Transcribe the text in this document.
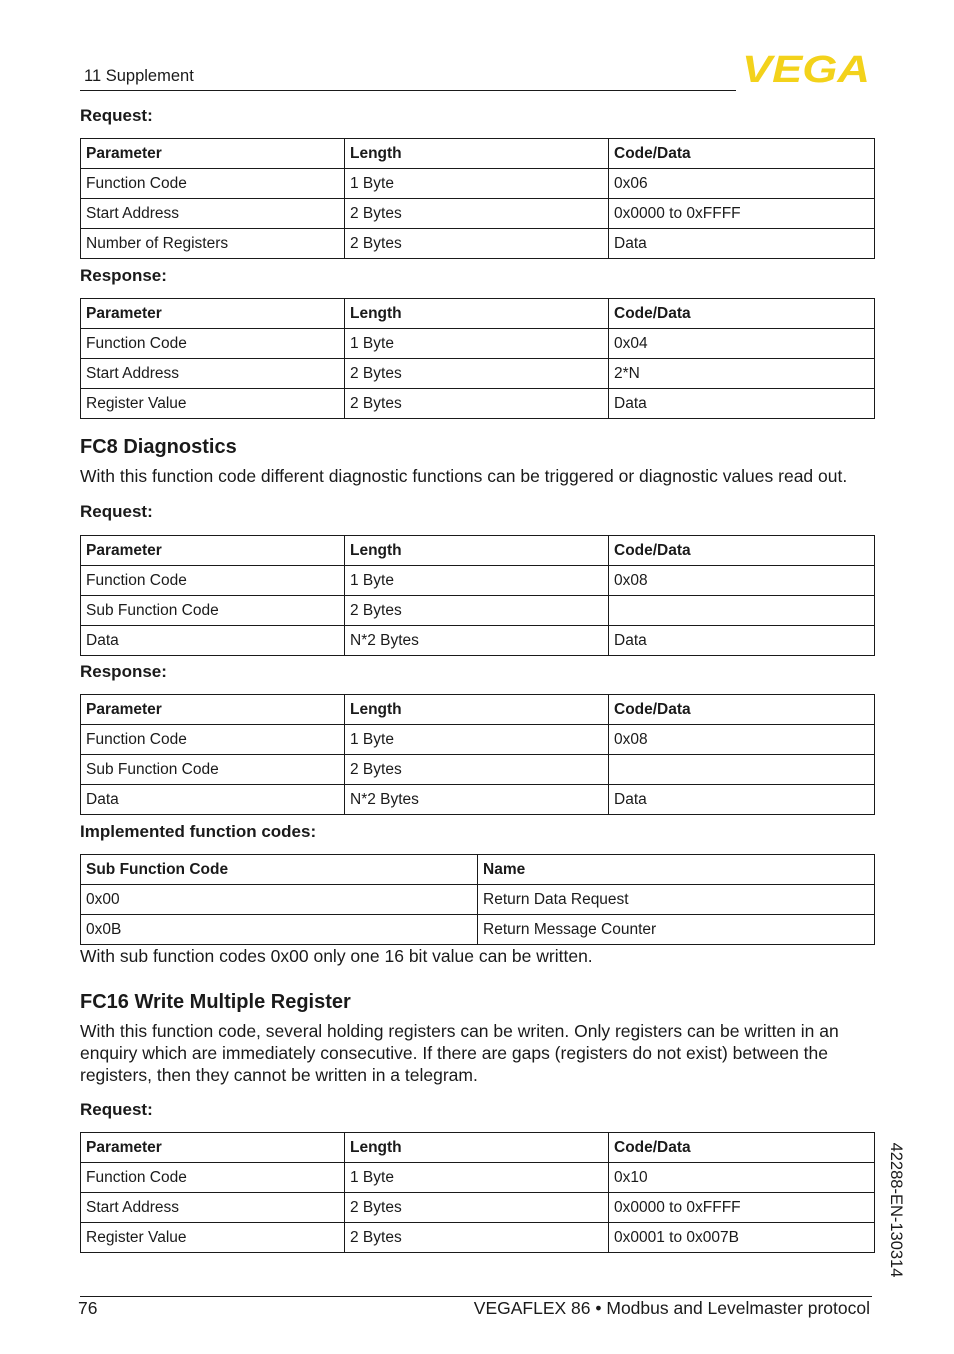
11 Supplement	VEGA
Request:
Parameter	Length	Code/Data
Function Code	1 Byte	0x06
Start Address	2 Bytes	0x0000 to 0xFFFF
Number of Registers	2 Bytes	Data
Response:
Parameter	Length	Code/Data
Function Code	1 Byte	0x04
Start Address	2 Bytes	2*N
Register Value	2 Bytes	Data
FC8 Diagnostics
With this function code different diagnostic functions can be triggered or diagnostic values read out.
Request:
Parameter	Length	Code/Data
Function Code	1 Byte	0x08
Sub Function Code	2 Bytes	
Data	N*2 Bytes	Data
Response:
Parameter	Length	Code/Data
Function Code	1 Byte	0x08
Sub Function Code	2 Bytes	
Data	N*2 Bytes	Data
Implemented function codes:
Sub Function Code	Name
0x00	Return Data Request
0x0B	Return Message Counter
With sub function codes 0x00 only one 16 bit value can be written.
FC16 Write Multiple Register
With this function code, several holding registers can be writen. Only registers can be written in an
enquiry which are immediately consecutive. If there are gaps (registers do not exist) between the
registers, then they cannot be written in a telegram.
Request:
Parameter	Length	Code/Data
Function Code	1 Byte	0x10
Start Address	2 Bytes	0x0000 to 0xFFFF
Register Value	2 Bytes	0x0001 to 0x007B	42288-EN-130314
76	VEGAFLEX 86 • Modbus and Levelmaster protocol
